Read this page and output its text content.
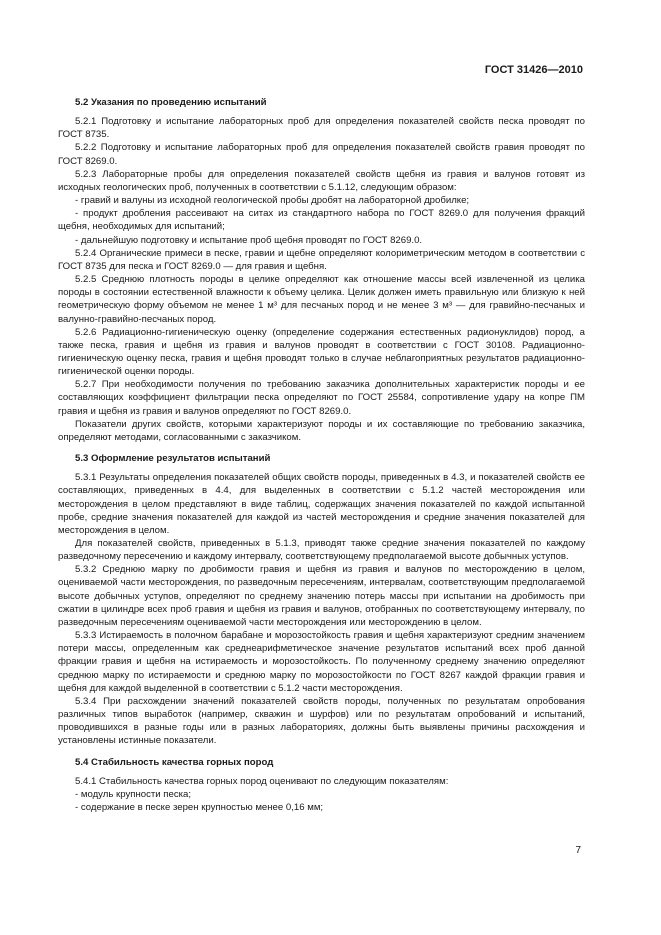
ГОСТ 31426—2010

5.2 Указания по проведению испытаний

5.2.1 Подготовку и испытание лабораторных проб для определения показателей свойств песка проводят по ГОСТ 8735.

5.2.2 Подготовку и испытание лабораторных проб для определения показателей свойств гравия проводят по ГОСТ 8269.0.

5.2.3 Лабораторные пробы для определения показателей свойств щебня из гравия и валунов готовят из исходных геологических проб, полученных в соответствии с 5.1.12, следующим образом:

- гравий и валуны из исходной геологической пробы дробят на лабораторной дробилке;

- продукт дробления рассеивают на ситах из стандартного набора по ГОСТ 8269.0 для получения фракций щебня, необходимых для испытаний;

- дальнейшую подготовку и испытание проб щебня проводят по ГОСТ 8269.0.

5.2.4 Органические примеси в песке, гравии и щебне определяют колориметрическим методом в соответствии с ГОСТ 8735 для песка и ГОСТ 8269.0 — для гравия и щебня.

5.2.5 Среднюю плотность породы в целике определяют как отношение массы всей извлеченной из целика породы в состоянии естественной влажности к объему целика. Целик должен иметь правильную или близкую к ней геометрическую форму объемом не менее 1 м³ для песчаных пород и не менее 3 м³ — для гравийно-песчаных и валунно-гравийно-песчаных пород.

5.2.6 Радиационно-гигиеническую оценку (определение содержания естественных радионуклидов) пород, а также песка, гравия и щебня из гравия и валунов проводят в соответствии с ГОСТ 30108. Радиационно-гигиеническую оценку песка, гравия и щебня проводят только в случае неблагоприятных результатов радиационно-гигиенической оценки породы.

5.2.7 При необходимости получения по требованию заказчика дополнительных характеристик породы и ее составляющих коэффициент фильтрации песка определяют по ГОСТ 25584, сопротивление удару на копре ПМ гравия и щебня из гравия и валунов определяют по ГОСТ 8269.0.

Показатели других свойств, которыми характеризуют породы и их составляющие по требованию заказчика, определяют методами, согласованными с заказчиком.

5.3 Оформление результатов испытаний

5.3.1 Результаты определения показателей общих свойств породы, приведенных в 4.3, и показателей свойств ее составляющих, приведенных в 4.4, для выделенных в соответствии с 5.1.2 частей месторождения или месторождения в целом представляют в виде таблиц, содержащих значения показателей по каждой испытанной пробе, средние значения показателей для каждой из частей месторождения и средние значения показателей для месторождения в целом.

Для показателей свойств, приведенных в 5.1.3, приводят также средние значения показателей по каждому разведочному пересечению и каждому интервалу, соответствующему предполагаемой высоте добычных уступов.

5.3.2 Среднюю марку по дробимости гравия и щебня из гравия и валунов по месторождению в целом, оцениваемой части месторождения, по разведочным пересечениям, интервалам, соответствующим предполагаемой высоте добычных уступов, определяют по среднему значению потерь массы при испытании на дробимость при сжатии в цилиндре всех проб гравия и щебня из гравия и валунов, отобранных по соответствующему интервалу, по разведочным пересечениям оцениваемой части месторождения или месторождению в целом.

5.3.3 Истираемость в полочном барабане и морозостойкость гравия и щебня характеризуют средним значением потери массы, определенным как среднеарифметическое значение результатов испытаний всех проб данной фракции гравия и щебня на истираемость и морозостойкость. По полученному среднему значению определяют среднюю марку по истираемости и среднюю марку по морозостойкости по ГОСТ 8267 каждой фракции гравия и щебня для каждой выделенной в соответствии с 5.1.2 части месторождения.

5.3.4 При расхождении значений показателей свойств породы, полученных по результатам опробования различных типов выработок (например, скважин и шурфов) или по результатам опробований и испытаний, проводившихся в разные годы или в разных лабораториях, должны быть выявлены причины расхождения и установлены истинные показатели.

5.4 Стабильность качества горных пород

5.4.1 Стабильность качества горных пород оценивают по следующим показателям:

- модуль крупности песка;

- содержание в песке зерен крупностью менее 0,16 мм;

7
